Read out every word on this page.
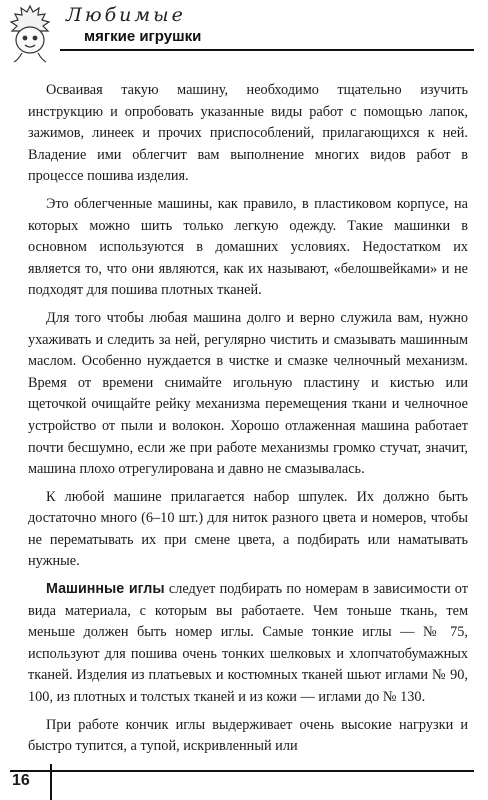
Любимые
мягкие игрушки

Осваивая такую машину, необходимо тщательно изучить инструкцию и опробовать указанные виды работ с помощью лапок, зажимов, линеек и прочих приспособлений, прилагающихся к ней. Владение ими облегчит вам выполнение многих видов работ в процессе пошива изделия.

Это облегченные машины, как правило, в пластиковом корпусе, на которых можно шить только легкую одежду. Такие машинки в основном используются в домашних условиях. Недостатком их является то, что они являются, как их называют, «белошвейками» и не подходят для пошива плотных тканей.

Для того чтобы любая машина долго и верно служила вам, нужно ухаживать и следить за ней, регулярно чистить и смазывать машинным маслом. Особенно нуждается в чистке и смазке челночный механизм. Время от времени снимайте игольную пластину и кистью или щеточкой очищайте рейку механизма перемещения ткани и челночное устройство от пыли и волокон. Хорошо отлаженная машина работает почти бесшумно, если же при работе механизмы громко стучат, значит, машина плохо отрегулирована и давно не смазывалась.

К любой машине прилагается набор шпулек. Их должно быть достаточно много (6–10 шт.) для ниток разного цвета и номеров, чтобы не перематывать их при смене цвета, а подбирать или наматывать нужные.

Машинные иглы следует подбирать по номерам в зависимости от вида материала, с которым вы работаете. Чем тоньше ткань, тем меньше должен быть номер иглы. Самые тонкие иглы — № 75, используют для пошива очень тонких шелковых и хлопчатобумажных тканей. Изделия из платьевых и костюмных тканей шьют иглами № 90, 100, из плотных и толстых тканей и из кожи — иглами до № 130.

При работе кончик иглы выдерживает очень высокие нагрузки и быстро тупится, а тупой, искривленный или

16
